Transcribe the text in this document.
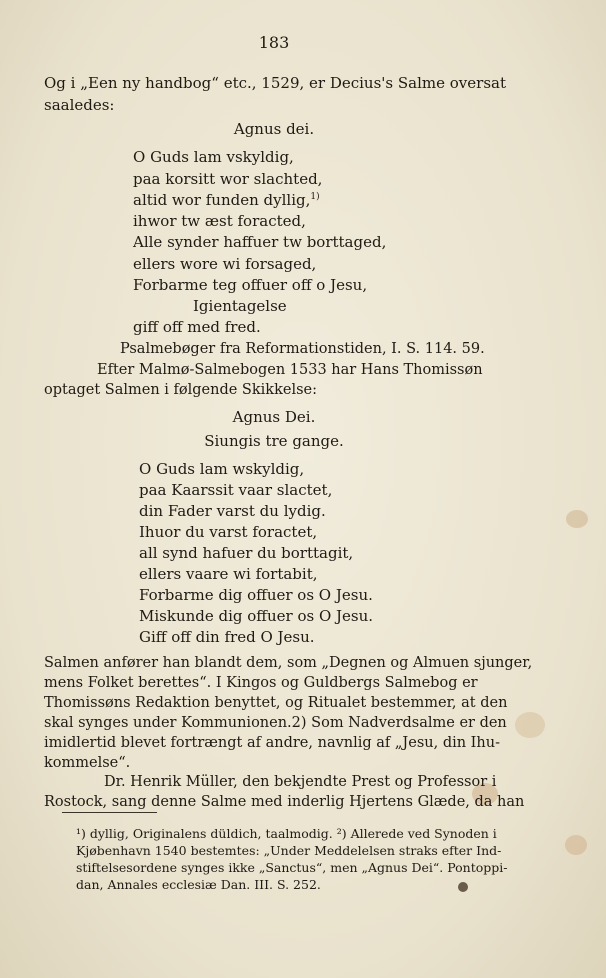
183
Og i „Een ny handbog“ etc., 1529, er Decius's Salme oversat
saaledes:
Agnus dei.
O Guds lam vskyldig,
paa korsitt wor slachted,
altid wor funden dyllig,$^{1)}$
ihwor tw æst foracted,
Alle synder haffuer tw borttaged,
ellers wore wi forsaged,
Forbarme teg offuer off o Jesu,
Igientagelse
giff off med fred.
Psalmebøger fra Reformationstiden, I. S. 114. 59.
Efter Malmø-Salmebogen 1533 har Hans Thomissøn
optaget Salmen i følgende Skikkelse:
Agnus Dei.
Siungis tre gange.
O Guds lam wskyldig,
paa Kaarssit vaar slactet,
din Fader varst du lydig.
Ihuor du varst foractet,
all synd hafuer du borttagit,
ellers vaare wi fortabit,
Forbarme dig offuer os O Jesu.
Miskunde dig offuer os O Jesu.
Giff off din fred O Jesu.
Salmen anfører han blandt dem, som „Degnen og Almuen sjunger,
mens Folket berettes“. I Kingos og Guldbergs Salmebog er
Thomissøns Redaktion benyttet, og Ritualet bestemmer, at den
skal synges under Kommunionen.2) Som Nadverdsalme er den
imidlertid blevet fortrængt af andre, navnlig af „Jesu, din Ihu-
kommelse“.
Dr. Henrik Müller, den bekjendte Prest og Professor i
Rostock, sang denne Salme med inderlig Hjertens Glæde, da han
¹) dyllig, Originalens düldich, taalmodig. ²) Allerede ved Synoden i
Kjøbenhavn 1540 bestemtes: „Under Meddelelsen straks efter Ind-
stiftelsesordene synges ikke „Sanctus“, men „Agnus Dei“. Pontoppi-
dan, Annales ecclesiæ Dan. III. S. 252.
